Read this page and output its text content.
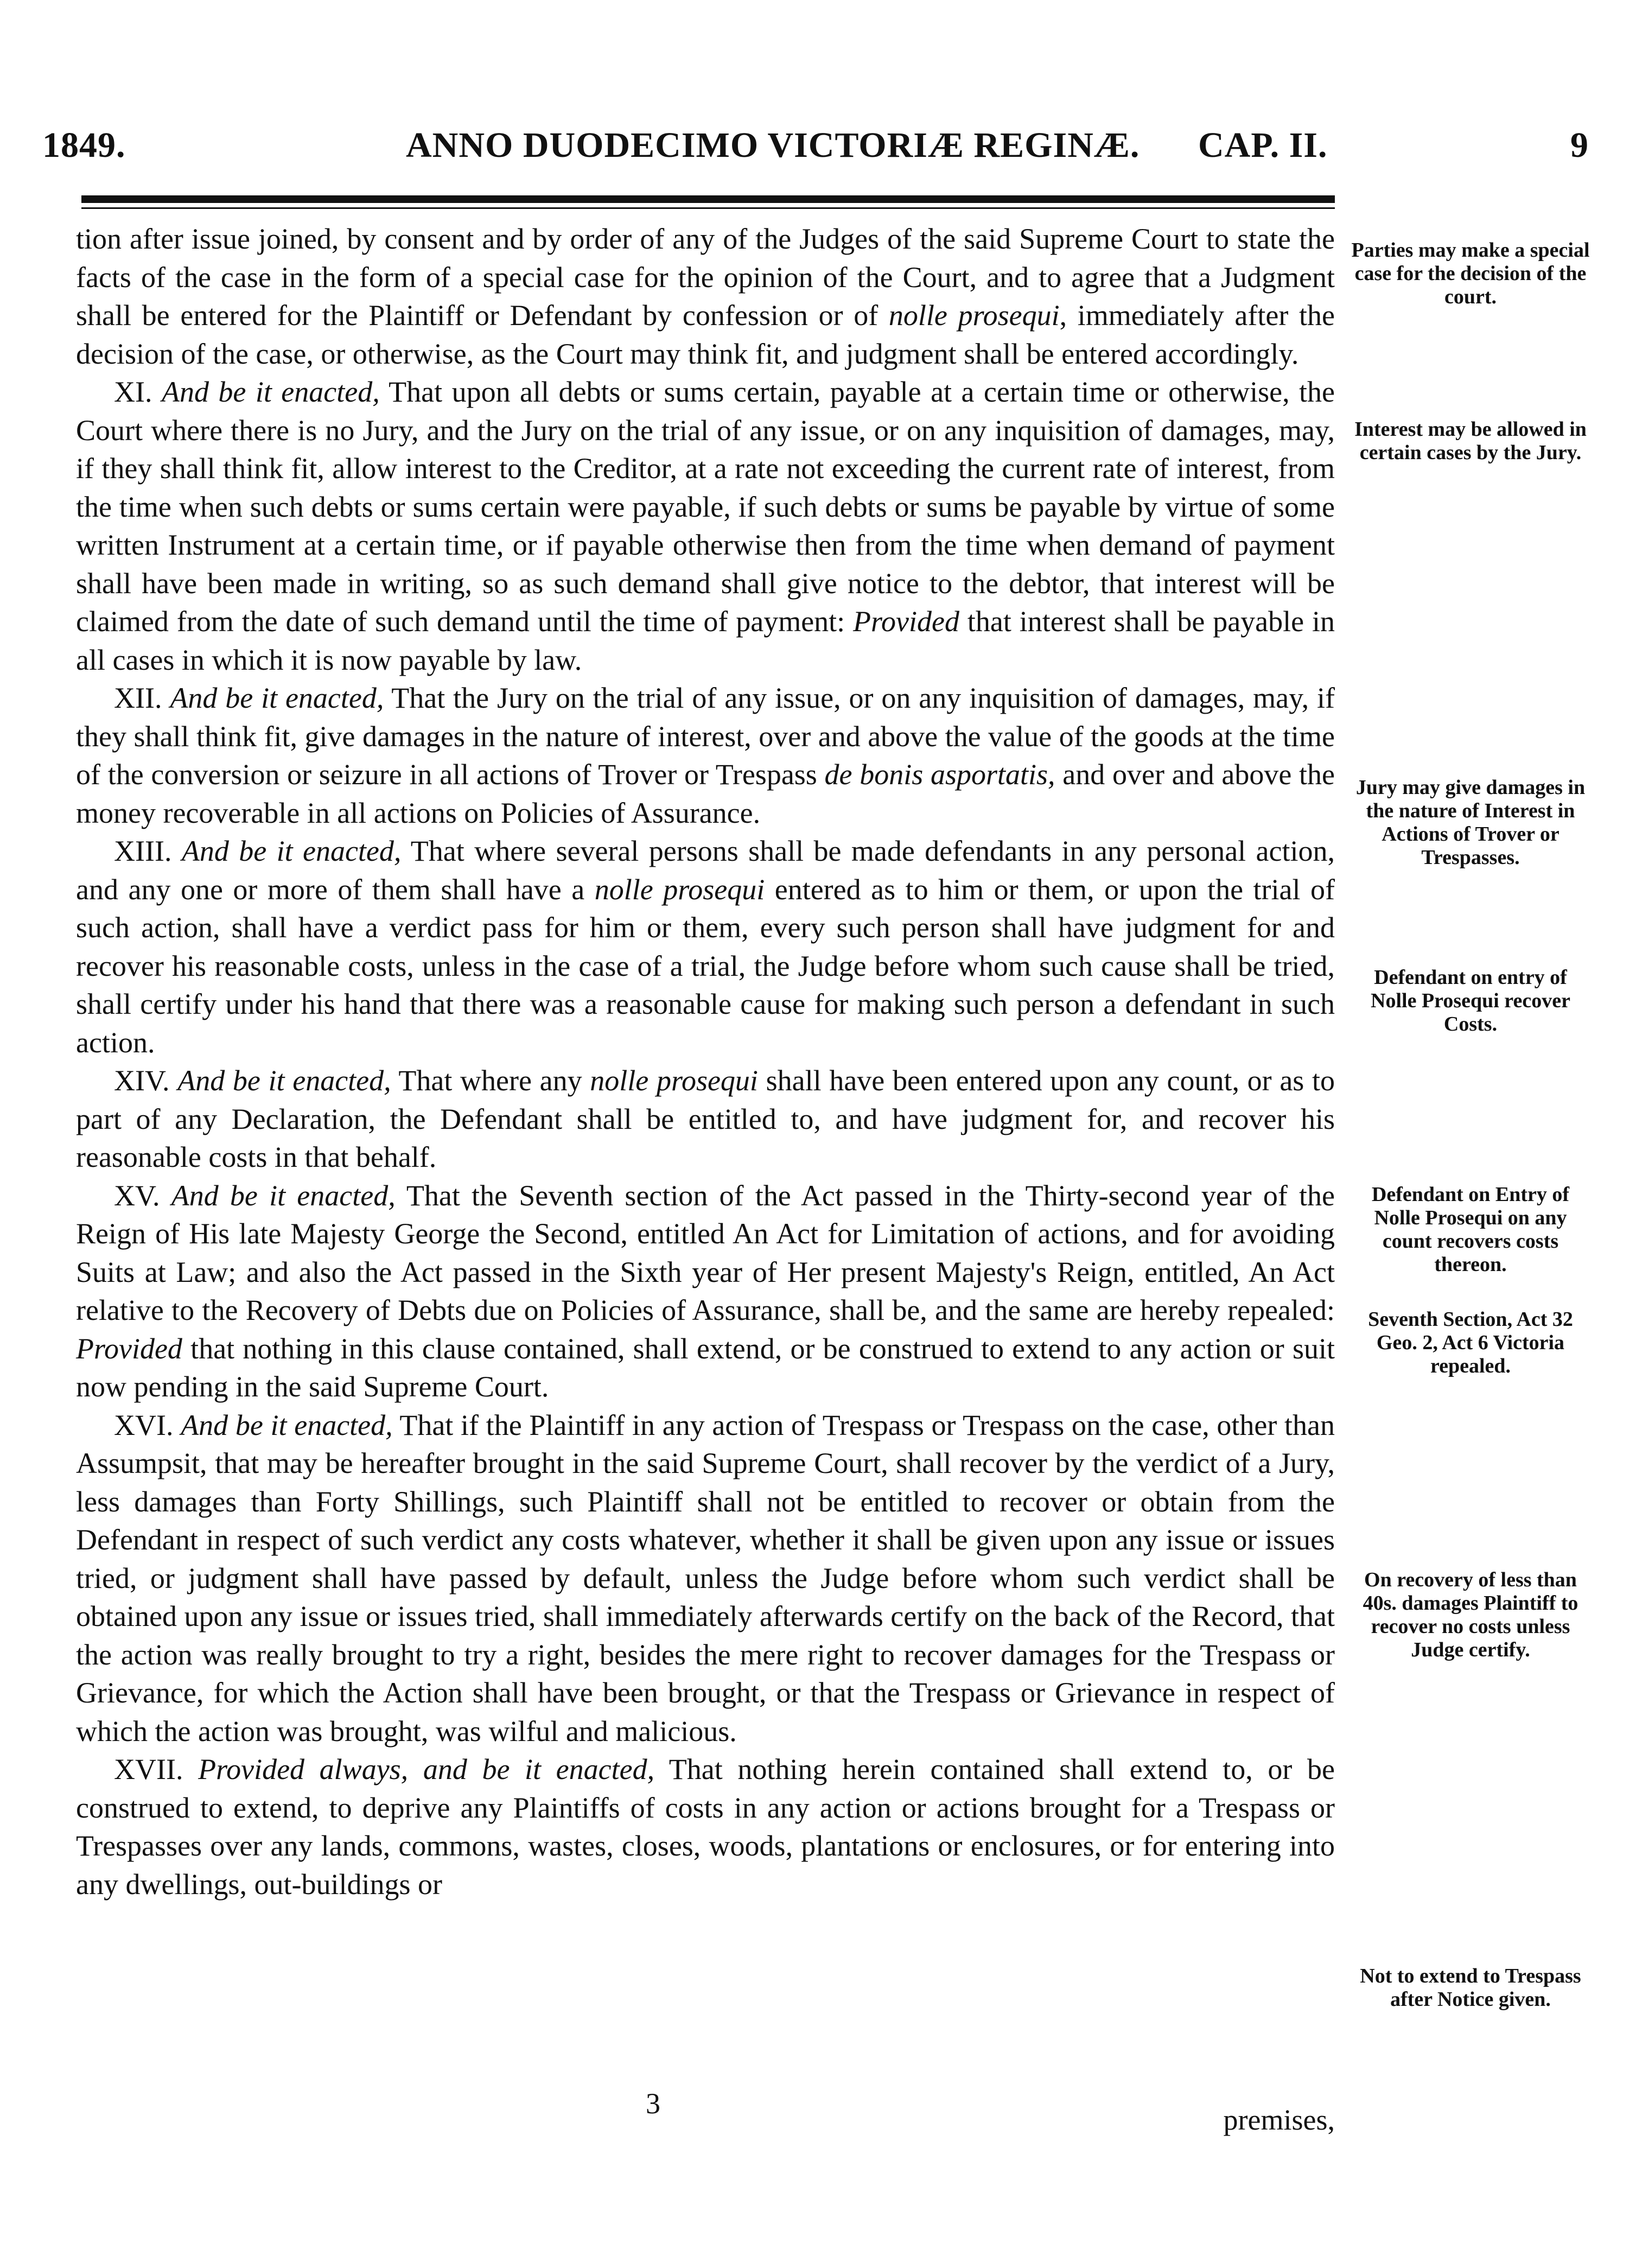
1849.	ANNO DUODECIMO VICTORIÆ REGINÆ. CAP. II.	9

tion after issue joined, by consent and by order of any of the Judges of the said Supreme Court to state the facts of the case in the form of a special case for the opinion of the Court, and to agree that a Judgment shall be entered for the Plaintiff or Defendant by confession or of nolle prosequi, immediately after the decision of the case, or otherwise, as the Court may think fit, and judgment shall be entered accordingly.

XI. And be it enacted, That upon all debts or sums certain, payable at a certain time or otherwise, the Court where there is no Jury, and the Jury on the trial of any issue, or on any inquisition of damages, may, if they shall think fit, allow interest to the Creditor, at a rate not exceeding the current rate of interest, from the time when such debts or sums certain were payable, if such debts or sums be payable by virtue of some written Instrument at a certain time, or if payable otherwise then from the time when demand of payment shall have been made in writing, so as such demand shall give notice to the debtor, that interest will be claimed from the date of such demand until the time of payment: Provided that interest shall be payable in all cases in which it is now payable by law.

XII. And be it enacted, That the Jury on the trial of any issue, or on any inquisition of damages, may, if they shall think fit, give damages in the nature of interest, over and above the value of the goods at the time of the conversion or seizure in all actions of Trover or Trespass de bonis asportatis, and over and above the money recoverable in all actions on Policies of Assurance.

XIII. And be it enacted, That where several persons shall be made defendants in any personal action, and any one or more of them shall have a nolle prosequi entered as to him or them, or upon the trial of such action, shall have a verdict pass for him or them, every such person shall have judgment for and recover his reasonable costs, unless in the case of a trial, the Judge before whom such cause shall be tried, shall certify under his hand that there was a reasonable cause for making such person a defendant in such action.

XIV. And be it enacted, That where any nolle prosequi shall have been entered upon any count, or as to part of any Declaration, the Defendant shall be entitled to, and have judgment for, and recover his reasonable costs in that behalf.

XV. And be it enacted, That the Seventh section of the Act passed in the Thirty-second year of the Reign of His late Majesty George the Second, entitled An Act for Limitation of actions, and for avoiding Suits at Law; and also the Act passed in the Sixth year of Her present Majesty's Reign, entitled, An Act relative to the Recovery of Debts due on Policies of Assurance, shall be, and the same are hereby repealed: Provided that nothing in this clause contained, shall extend, or be construed to extend to any action or suit now pending in the said Supreme Court.

XVI. And be it enacted, That if the Plaintiff in any action of Trespass or Trespass on the case, other than Assumpsit, that may be hereafter brought in the said Supreme Court, shall recover by the verdict of a Jury, less damages than Forty Shillings, such Plaintiff shall not be entitled to recover or obtain from the Defendant in respect of such verdict any costs whatever, whether it shall be given upon any issue or issues tried, or judgment shall have passed by default, unless the Judge before whom such verdict shall be obtained upon any issue or issues tried, shall immediately afterwards certify on the back of the Record, that the action was really brought to try a right, besides the mere right to recover damages for the Trespass or Grievance, for which the Action shall have been brought, or that the Trespass or Grievance in respect of which the action was brought, was wilful and malicious.

XVII. Provided always, and be it enacted, That nothing herein contained shall extend to, or be construed to extend, to deprive any Plaintiffs of costs in any action or actions brought for a Trespass or Trespasses over any lands, commons, wastes, closes, woods, plantations or enclosures, or for entering into any dwellings, out-buildings or

Parties may make a special case for the decision of the court.
Interest may be allowed in certain cases by the Jury.
Jury may give damages in the nature of Interest in Actions of Trover or Trespasses.
Defendant on entry of Nolle Prosequi recover Costs.
Defendant on Entry of Nolle Prosequi on any count recovers costs thereon.
Seventh Section, Act 32 Geo. 2, Act 6 Victoria repealed.
On recovery of less than 40s. damages Plaintiff to recover no costs unless Judge certify.
Not to extend to Trespass after Notice given.
3	premises,
